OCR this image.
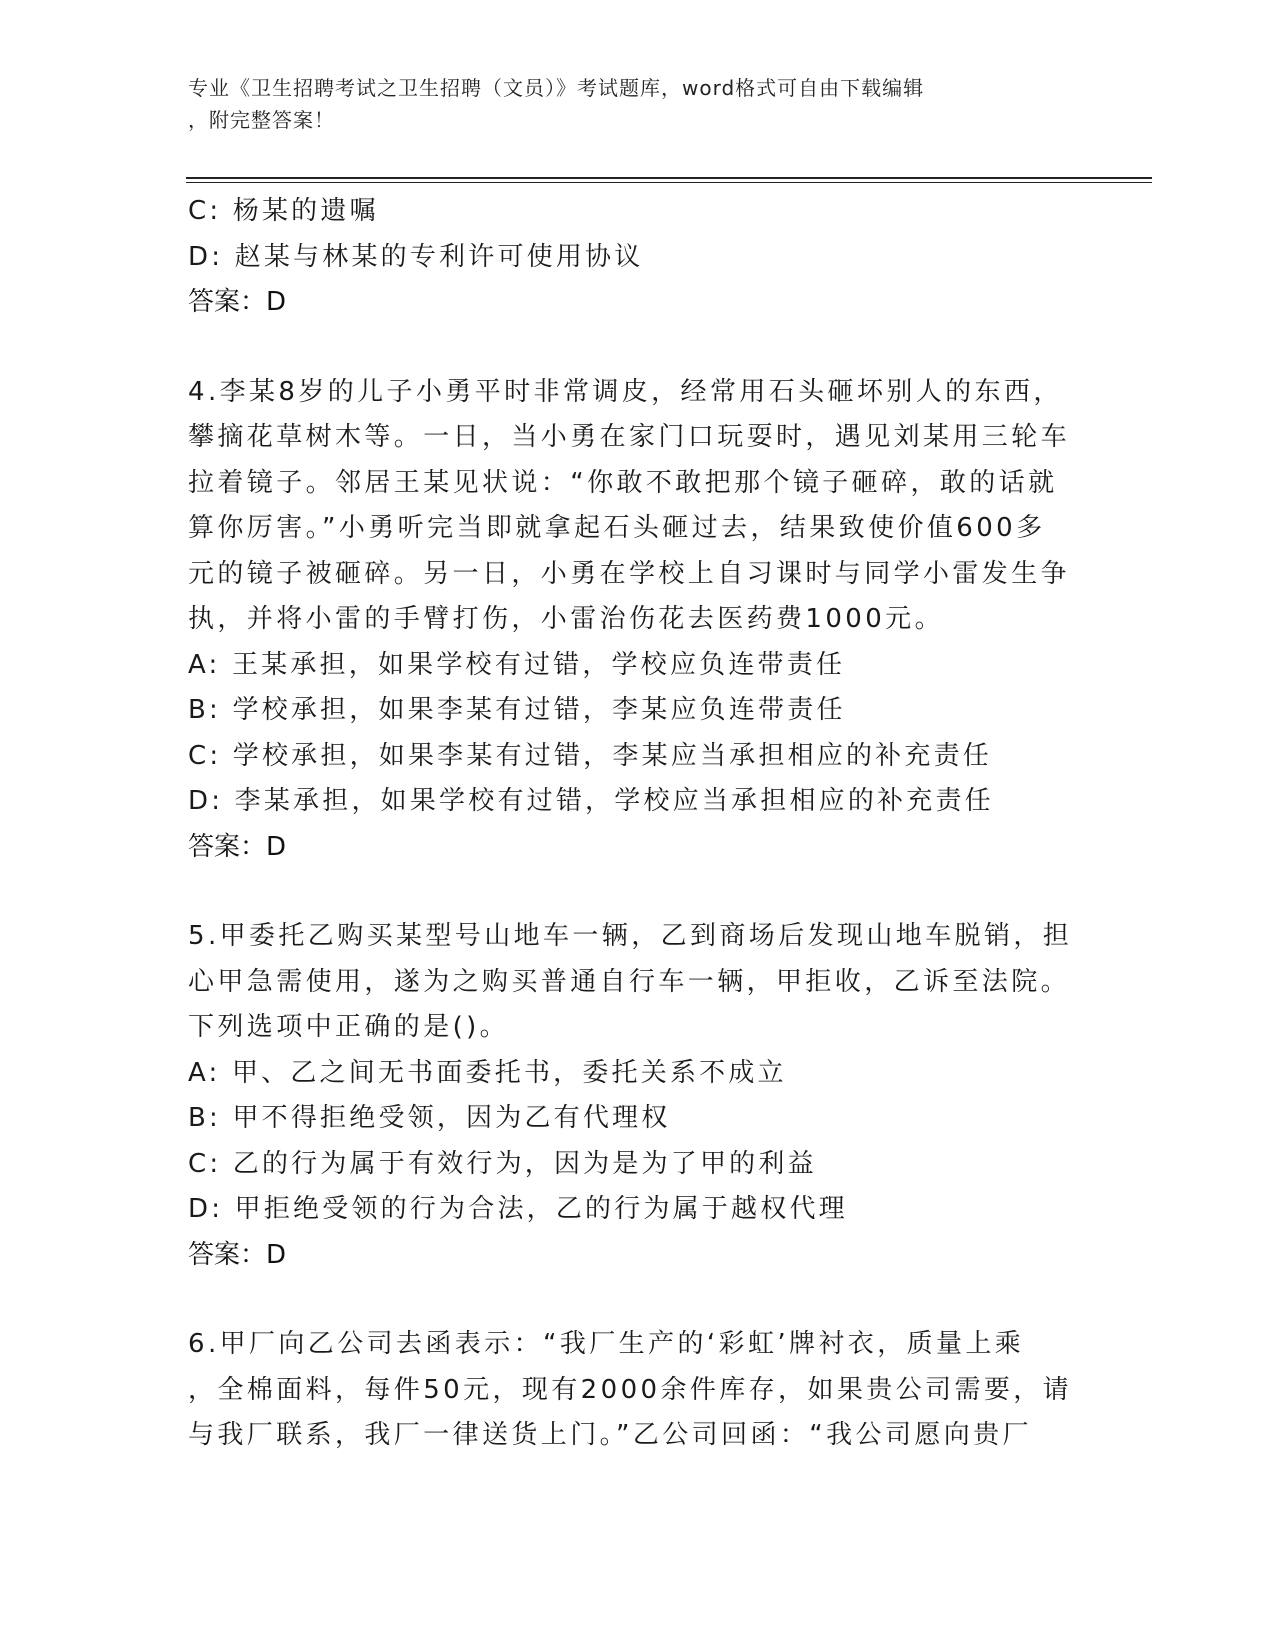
专业《卫生招聘考试之卫生招聘（文员）》考试题库，word格式可自由下载编辑
，附完整答案！
C: 杨某的遗嘱
D: 赵某与林某的专利许可使用协议
答案：D
4.李某8岁的儿子小勇平时非常调皮，经常用石头砸坏别人的东西，
攀摘花草树木等。一日，当小勇在家门口玩耍时，遇见刘某用三轮车
拉着镜子。邻居王某见状说：“你敢不敢把那个镜子砸碎，敢的话就
算你厉害。”小勇听完当即就拿起石头砸过去，结果致使价值600多
元的镜子被砸碎。另一日，小勇在学校上自习课时与同学小雷发生争
执，并将小雷的手臂打伤，小雷治伤花去医药费1000元。
A: 王某承担，如果学校有过错，学校应负连带责任
B: 学校承担，如果李某有过错，李某应负连带责任
C: 学校承担，如果李某有过错，李某应当承担相应的补充责任
D: 李某承担，如果学校有过错，学校应当承担相应的补充责任
答案：D
5.甲委托乙购买某型号山地车一辆，乙到商场后发现山地车脱销，担
心甲急需使用，遂为之购买普通自行车一辆，甲拒收，乙诉至法院。
下列选项中正确的是()。
A: 甲、乙之间无书面委托书，委托关系不成立
B: 甲不得拒绝受领，因为乙有代理权
C: 乙的行为属于有效行为，因为是为了甲的利益
D: 甲拒绝受领的行为合法，乙的行为属于越权代理
答案：D
6.甲厂向乙公司去函表示：“我厂生产的‘彩虹’牌衬衣，质量上乘
，全棉面料，每件50元，现有2000余件库存，如果贵公司需要，请
与我厂联系，我厂一律送货上门。”乙公司回函：“我公司愿向贵厂
